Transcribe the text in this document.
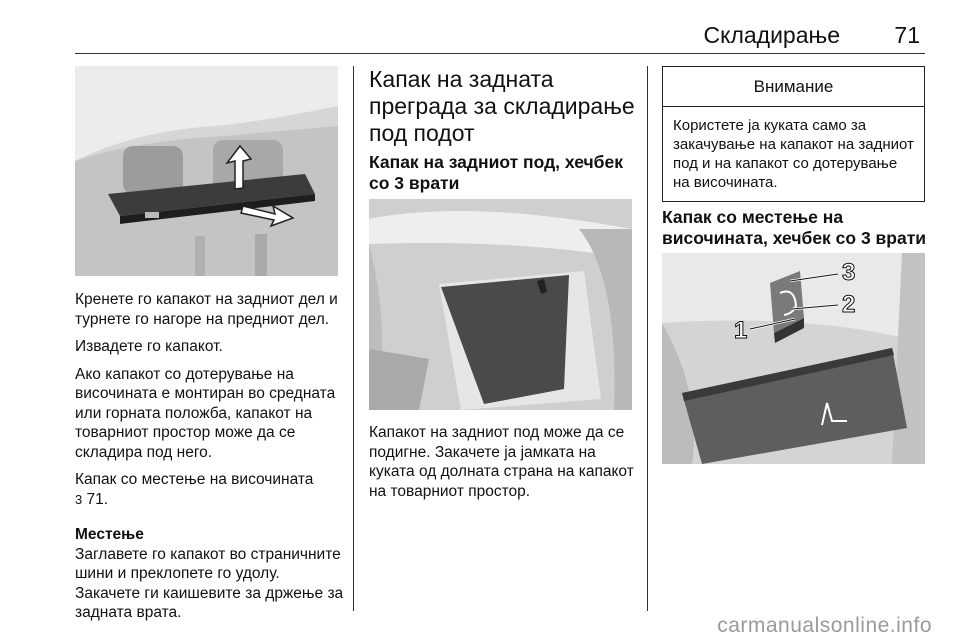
Складирање 71

Кренете го капакот на задниот дел и турнете го нагоре на предниот дел.

Извадете го капакот.

Ако капакот со дотерување на височината е монтиран во средната или горната положба, капакот на товарниот простор може да се складира под него.

Капак со местење на височината
3 71.

Местење

Заглавете го капакот во страничните шини и преклопете го удолу. Закачете ги каишевите за држење за задната врата.

Капак на задната преграда за складирање под подот
Капак на задниот под, хечбек со 3 врати
Капакот на задниот под може да се подигне. Закачете ја јамката на куката од долната страна на капакот на товарниот простор.
Внимание
Користете ја куката само за закачување на капакот на задниот под и на капакот со дотерување на височината.
Капак со местење на височината, хечбек со 3 врати
1
2
3
carmanualsonline.info
